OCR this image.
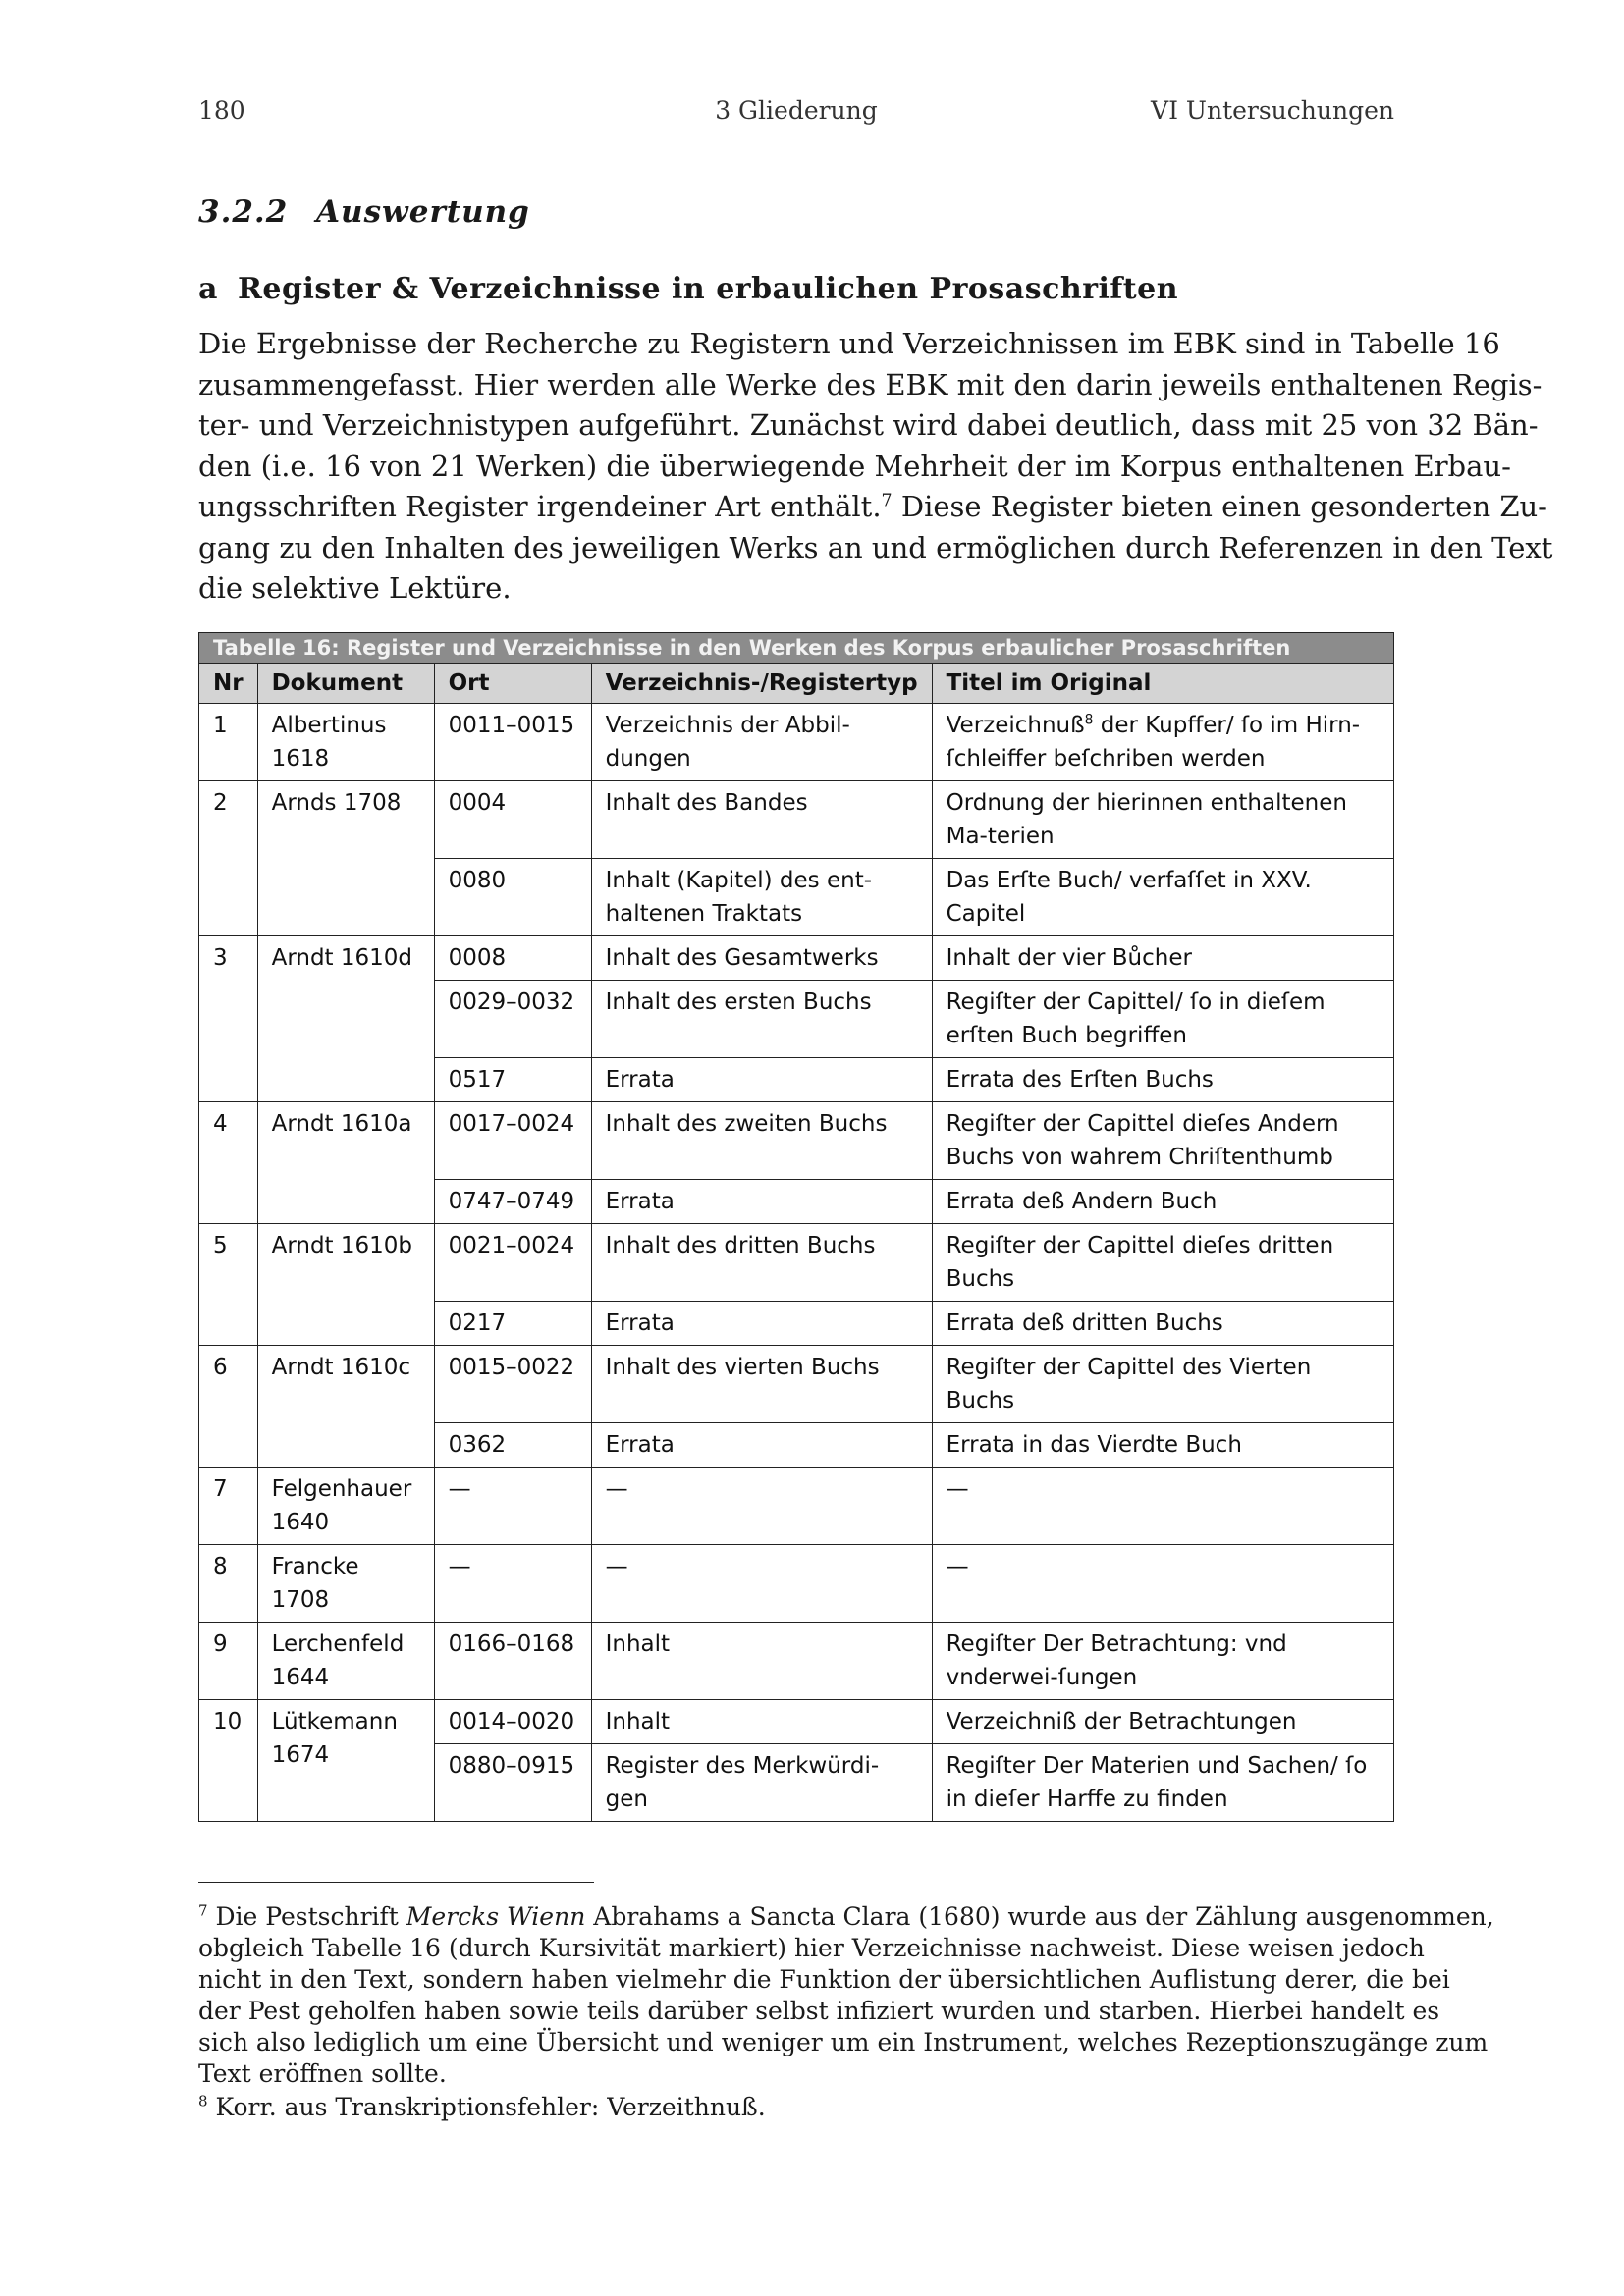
180	3 Gliederung	VI Untersuchungen
3.2.2 Auswertung
a Register & Verzeichnisse in erbaulichen Prosaschriften
Die Ergebnisse der Recherche zu Registern und Verzeichnissen im EBK sind in Tabelle 16
zusammengefasst. Hier werden alle Werke des EBK mit den darin jeweils enthaltenen Regis-
ter- und Verzeichnistypen aufgeführt. Zunächst wird dabei deutlich, dass mit 25 von 32 Bän-
den (i.e. 16 von 21 Werken) die überwiegende Mehrheit der im Korpus enthaltenen Erbau-
ungsschriften Register irgendeiner Art enthält.$^7$ Diese Register bieten einen gesonderten Zu-
gang zu den Inhalten des jeweiligen Werks an und ermöglichen durch Referenzen in den Text
die selektive Lektüre.
Tabelle 16: Register und Verzeichnisse in den Werken des Korpus erbaulicher Prosaschriften				
Nr	Dokument	Ort	Verzeichnis-/Registertyp	Titel im Original
1	Albertinus 1618	0011–0015	Verzeichnis der Abbil-dungen	Verzeichnuß$^8$ der Kupffer/ ſo im Hirn-ſchleiffer beſchriben werden
2	Arnds 1708	0004	Inhalt des Bandes	Ordnung der hierinnen enthaltenen Ma-terien
		0080	Inhalt (Kapitel) des ent-haltenen Traktats	Das Erſte Buch/ verfaſſet in XXV. Capitel
3	Arndt 1610d	0008	Inhalt des Gesamtwerks	Inhalt der vier Bůcher
		0029–0032	Inhalt des ersten Buchs	Regiſter der Capittel/ ſo in dieſem erſten Buch begriffen
		0517	Errata	Errata des Erſten Buchs
4	Arndt 1610a	0017–0024	Inhalt des zweiten Buchs	Regiſter der Capittel dieſes Andern Buchs von wahrem Chriſtenthumb
		0747–0749	Errata	Errata deß Andern Buch
5	Arndt 1610b	0021–0024	Inhalt des dritten Buchs	Regiſter der Capittel dieſes dritten Buchs
		0217	Errata	Errata deß dritten Buchs
6	Arndt 1610c	0015–0022	Inhalt des vierten Buchs	Regiſter der Capittel des Vierten Buchs
		0362	Errata	Errata in das Vierdte Buch
7	Felgenhauer 1640	—	—	—
8	Francke 1708	—	—	—
9	Lerchenfeld 1644	0166–0168	Inhalt	Regiſter Der Betrachtung: vnd vnderwei-ſungen
10	Lütkemann 1674	0014–0020	Inhalt	Verzeichniß der Betrachtungen
		0880–0915	Register des Merkwürdi-gen	Regiſter Der Materien und Sachen/ ſo in dieſer Harffe zu finden
$^7$ Die Pestschrift Mercks Wienn Abrahams a Sancta Clara (1680) wurde aus der Zählung ausgenommen,
obgleich Tabelle 16 (durch Kursivität markiert) hier Verzeichnisse nachweist. Diese weisen jedoch
nicht in den Text, sondern haben vielmehr die Funktion der übersichtlichen Auflistung derer, die bei
der Pest geholfen haben sowie teils darüber selbst infiziert wurden und starben. Hierbei handelt es
sich also lediglich um eine Übersicht und weniger um ein Instrument, welches Rezeptionszugänge zum
Text eröffnen sollte.
$^8$ Korr. aus Transkriptionsfehler: Verzeithnuß.
